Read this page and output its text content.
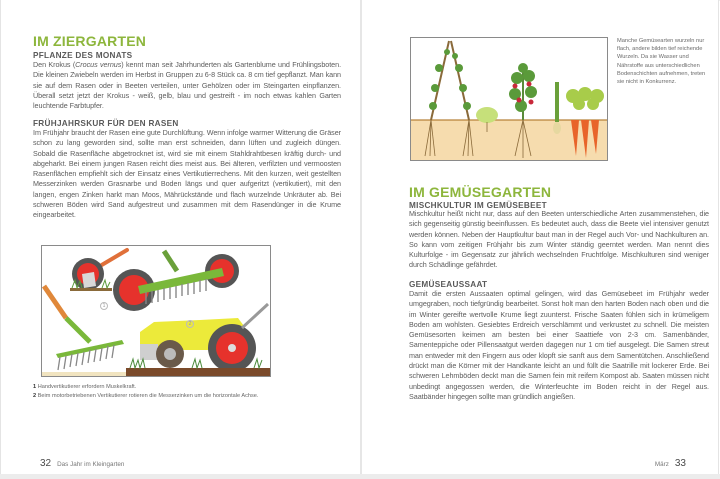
IM ZIERGARTEN
PFLANZE DES MONATS

Den Krokus (Crocus vernus) kennt man seit Jahrhunderten als Gartenblume und Frühlingsboten. Die kleinen Zwiebeln werden im Herbst in Gruppen zu 6-8 Stück ca. 8 cm tief gepflanzt. Man kann sie auf dem Rasen oder in Beeten verteilen, unter Gehölzen oder im Steingarten einpflanzen. Überall setzt jetzt der Krokus - weiß, gelb, blau und gestreift - im noch etwas kahlen Garten leuchtende Farbtupfer.

FRÜHJAHRSKUR FÜR DEN RASEN

Im Frühjahr braucht der Rasen eine gute Durchlüftung. Wenn infolge warmer Witterung die Gräser schon zu lang geworden sind, sollte man erst schneiden, dann lüften und zugleich düngen. Sobald die Rasenfläche abgetrocknet ist, wird sie mit einem Stahldrahtbesen kräftig durch- und abgeharkt. Bei einem jungen Rasen reicht dies meist aus. Bei älteren, verfilzten und vermoosten Rasenflächen empfiehlt sich der Einsatz eines Vertikutierrechens. Mit den kurzen, weit gestellten Messerzinken werden Grasnarbe und Boden längs und quer aufgeritzt (vertikutiert), mit den langen, engen Zinken harkt man Moos, Mährückstände und flach wurzelnde Unkräuter ab. Bei schweren Böden wird Sand aufgestreut und zusammen mit dem Rasendünger in die Krume eingearbeitet.

1
2

1 Handvertikutierer erfordern Muskelkraft.

2 Beim motorbetriebenen Vertikutierer rotieren die Messerzinken um die horizontale Achse.

32 Das Jahr im Kleingarten

Manche Gemüsearten wurzeln nur flach, andere bilden tief reichende Wurzeln. Da sie Wasser und Nährstoffe aus unterschiedlichen Bodenschichten aufnehmen, treten sie nicht in Konkurrenz.

IM GEMÜSEGARTEN
MISCHKULTUR IM GEMÜSEBEET

Mischkultur heißt nicht nur, dass auf den Beeten unterschiedliche Arten zusammenstehen, die sich gegenseitig günstig beeinflussen. Es bedeutet auch, dass die Beete viel intensiver genutzt werden können. Neben der Hauptkultur baut man in der Regel auch Vor- und Nachkulturen an. So kann vom zeitigen Frühjahr bis zum Winter ständig geerntet werden. Man nennt dies Kulturfolge - im Gegensatz zur jährlich wechselnden Fruchtfolge. Mischkulturen sind weniger durch Schädlinge gefährdet.

GEMÜSEAUSSAAT

Damit die ersten Aussaaten optimal gelingen, wird das Gemüsebeet im Frühjahr weder umgegraben, noch tiefgründig bearbeitet. Sonst holt man den harten Boden nach oben und die im Winter gereifte wertvolle Krume liegt zuunterst. Frische Saaten fühlen sich in krümeligem Boden am wohlsten. Gesiebtes Erdreich verschlämmt und verkrustet zu schnell. Die meisten Gemüsesorten keimen am besten bei einer Saattiefe von 2-3 cm. Samenbänder, Samenteppiche oder Pillensaatgut werden dagegen nur 1 cm tief ausgelegt. Die Samen streut man entweder mit den Fingern aus oder klopft sie sanft aus dem Samentütchen. Anschließend drückt man die Körner mit der Handkante leicht an und füllt die Saatrille mit lockerer Erde. Bei schweren Lehmböden deckt man die Samen fein mit reifem Kompost ab. Saaten müssen nicht unbedingt angegossen werden, die Winterfeuchte im Boden reicht in der Regel aus. Saatbänder hingegen sollte man gründlich angießen.

März 33
